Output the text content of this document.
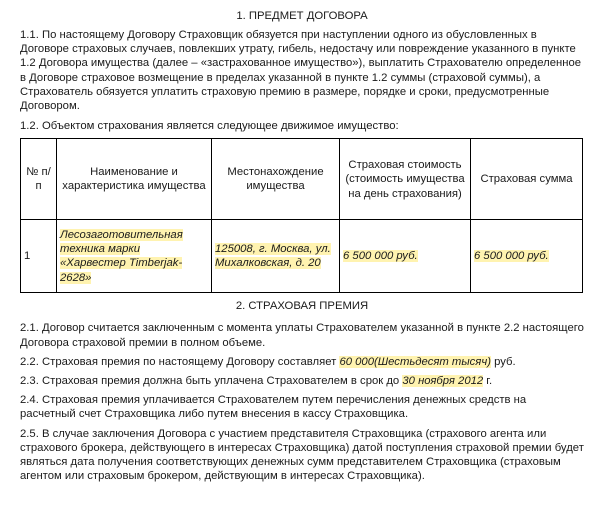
1. ПРЕДМЕТ ДОГОВОРА

1.1. По настоящему Договору Страховщик обязуется при наступлении одного из обусловленных в Договоре страховых случаев, повлекших утрату, гибель, недостачу или повреждение указанного в пункте 1.2 Договора имущества (далее – «застрахованное имущество»), выплатить Страхователю определенное в Договоре страховое возмещение в пределах указанной в пункте 1.2 суммы (страховой суммы), а Страхователь обязуется уплатить страховую премию в размере, порядке и сроки, предусмотренные Договором.

1.2. Объектом страхования является следующее движимое имущество:

№ п/п	Наименование и характеристика имущества	Местонахождение имущества	Страховая стоимость (стоимость имущества на день страхования)	Страховая сумма
1	Лесозаготовительная техника марки «Харвестер Timberjak-2628»	125008, г. Москва, ул. Михалковская, д. 20	6 500 000 руб.	6 500 000 руб.
2. СТРАХОВАЯ ПРЕМИЯ

2.1. Договор считается заключенным с момента уплаты Страхователем указанной в пункте 2.2 настоящего Договора страховой премии в полном объеме.

2.2. Страховая премия по настоящему Договору составляет 60 000(Шестьдесят тысяч) руб.

2.3. Страховая премия должна быть уплачена Страхователем в срок до 30 ноября 2012 г.

2.4. Страховая премия уплачивается Страхователем путем перечисления денежных средств на расчетный счет Страховщика либо путем внесения в кассу Страховщика.

2.5. В случае заключения Договора с участием представителя Страховщика (страхового агента или страхового брокера, действующего в интересах Страховщика) датой поступления страховой премии будет являться дата получения соответствующих денежных сумм представителем Страховщика (страховым агентом или страховым брокером, действующим в интересах Страховщика).
